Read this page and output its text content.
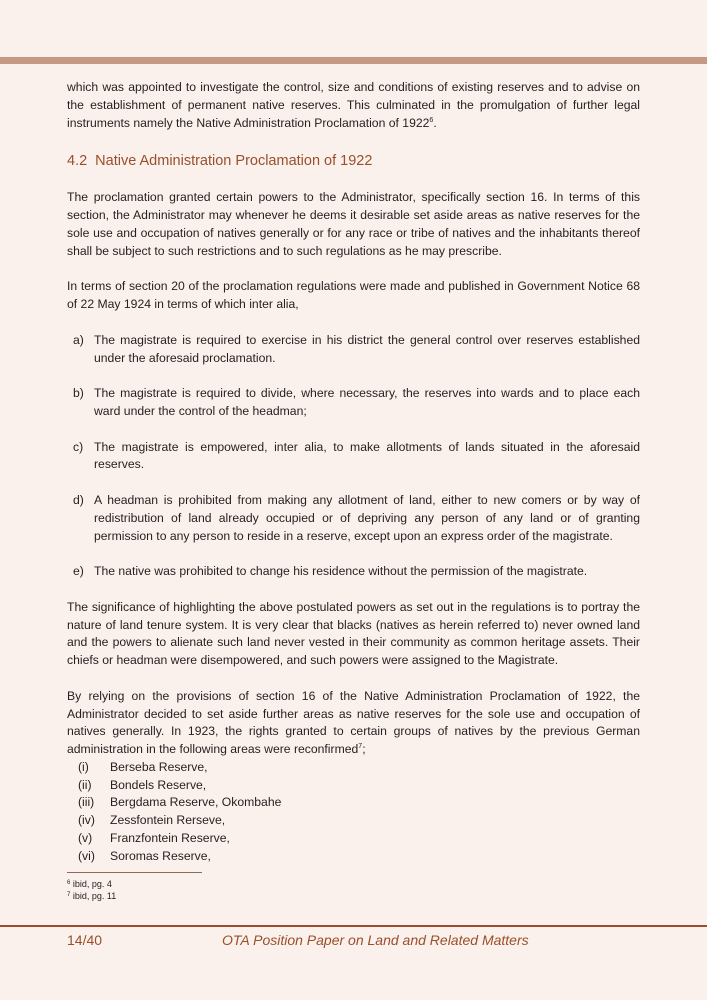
which was appointed to investigate the control, size and conditions of existing reserves and to advise on the establishment of permanent native reserves. This culminated in the promulgation of further legal instruments namely the Native Administration Proclamation of 1922$^6$.

4.2 Native Administration Proclamation of 1922

The proclamation granted certain powers to the Administrator, specifically section 16. In terms of this section, the Administrator may whenever he deems it desirable set aside areas as native reserves for the sole use and occupation of natives generally or for any race or tribe of natives and the inhabitants thereof shall be subject to such restrictions and to such regulations as he may prescribe.

In terms of section 20 of the proclamation regulations were made and published in Government Notice 68 of 22 May 1924 in terms of which inter alia,

a) The magistrate is required to exercise in his district the general control over reserves established under the aforesaid proclamation.
b) The magistrate is required to divide, where necessary, the reserves into wards and to place each ward under the control of the headman;
c) The magistrate is empowered, inter alia, to make allotments of lands situated in the aforesaid reserves.
d) A headman is prohibited from making any allotment of land, either to new comers or by way of redistribution of land already occupied or of depriving any person of any land or of granting permission to any person to reside in a reserve, except upon an express order of the magistrate.
e) The native was prohibited to change his residence without the permission of the magistrate.

The significance of highlighting the above postulated powers as set out in the regulations is to portray the nature of land tenure system. It is very clear that blacks (natives as herein referred to) never owned land and the powers to alienate such land never vested in their community as common heritage assets. Their chiefs or headman were disempowered, and such powers were assigned to the Magistrate.

By relying on the provisions of section 16 of the Native Administration Proclamation of 1922, the Administrator decided to set aside further areas as native reserves for the sole use and occupation of natives generally. In 1923, the rights granted to certain groups of natives by the previous German administration in the following areas were reconfirmed$^7$;

(i) Berseba Reserve,
(ii) Bondels Reserve,
(iii) Bergdama Reserve, Okombahe
(iv) Zessfontein Rerseve,
(v) Franzfontein Reserve,
(vi) Soromas Reserve,
$^6$ ibid, pg. 4
$^7$ ibid, pg. 11
14/40	OTA Position Paper on Land and Related Matters
